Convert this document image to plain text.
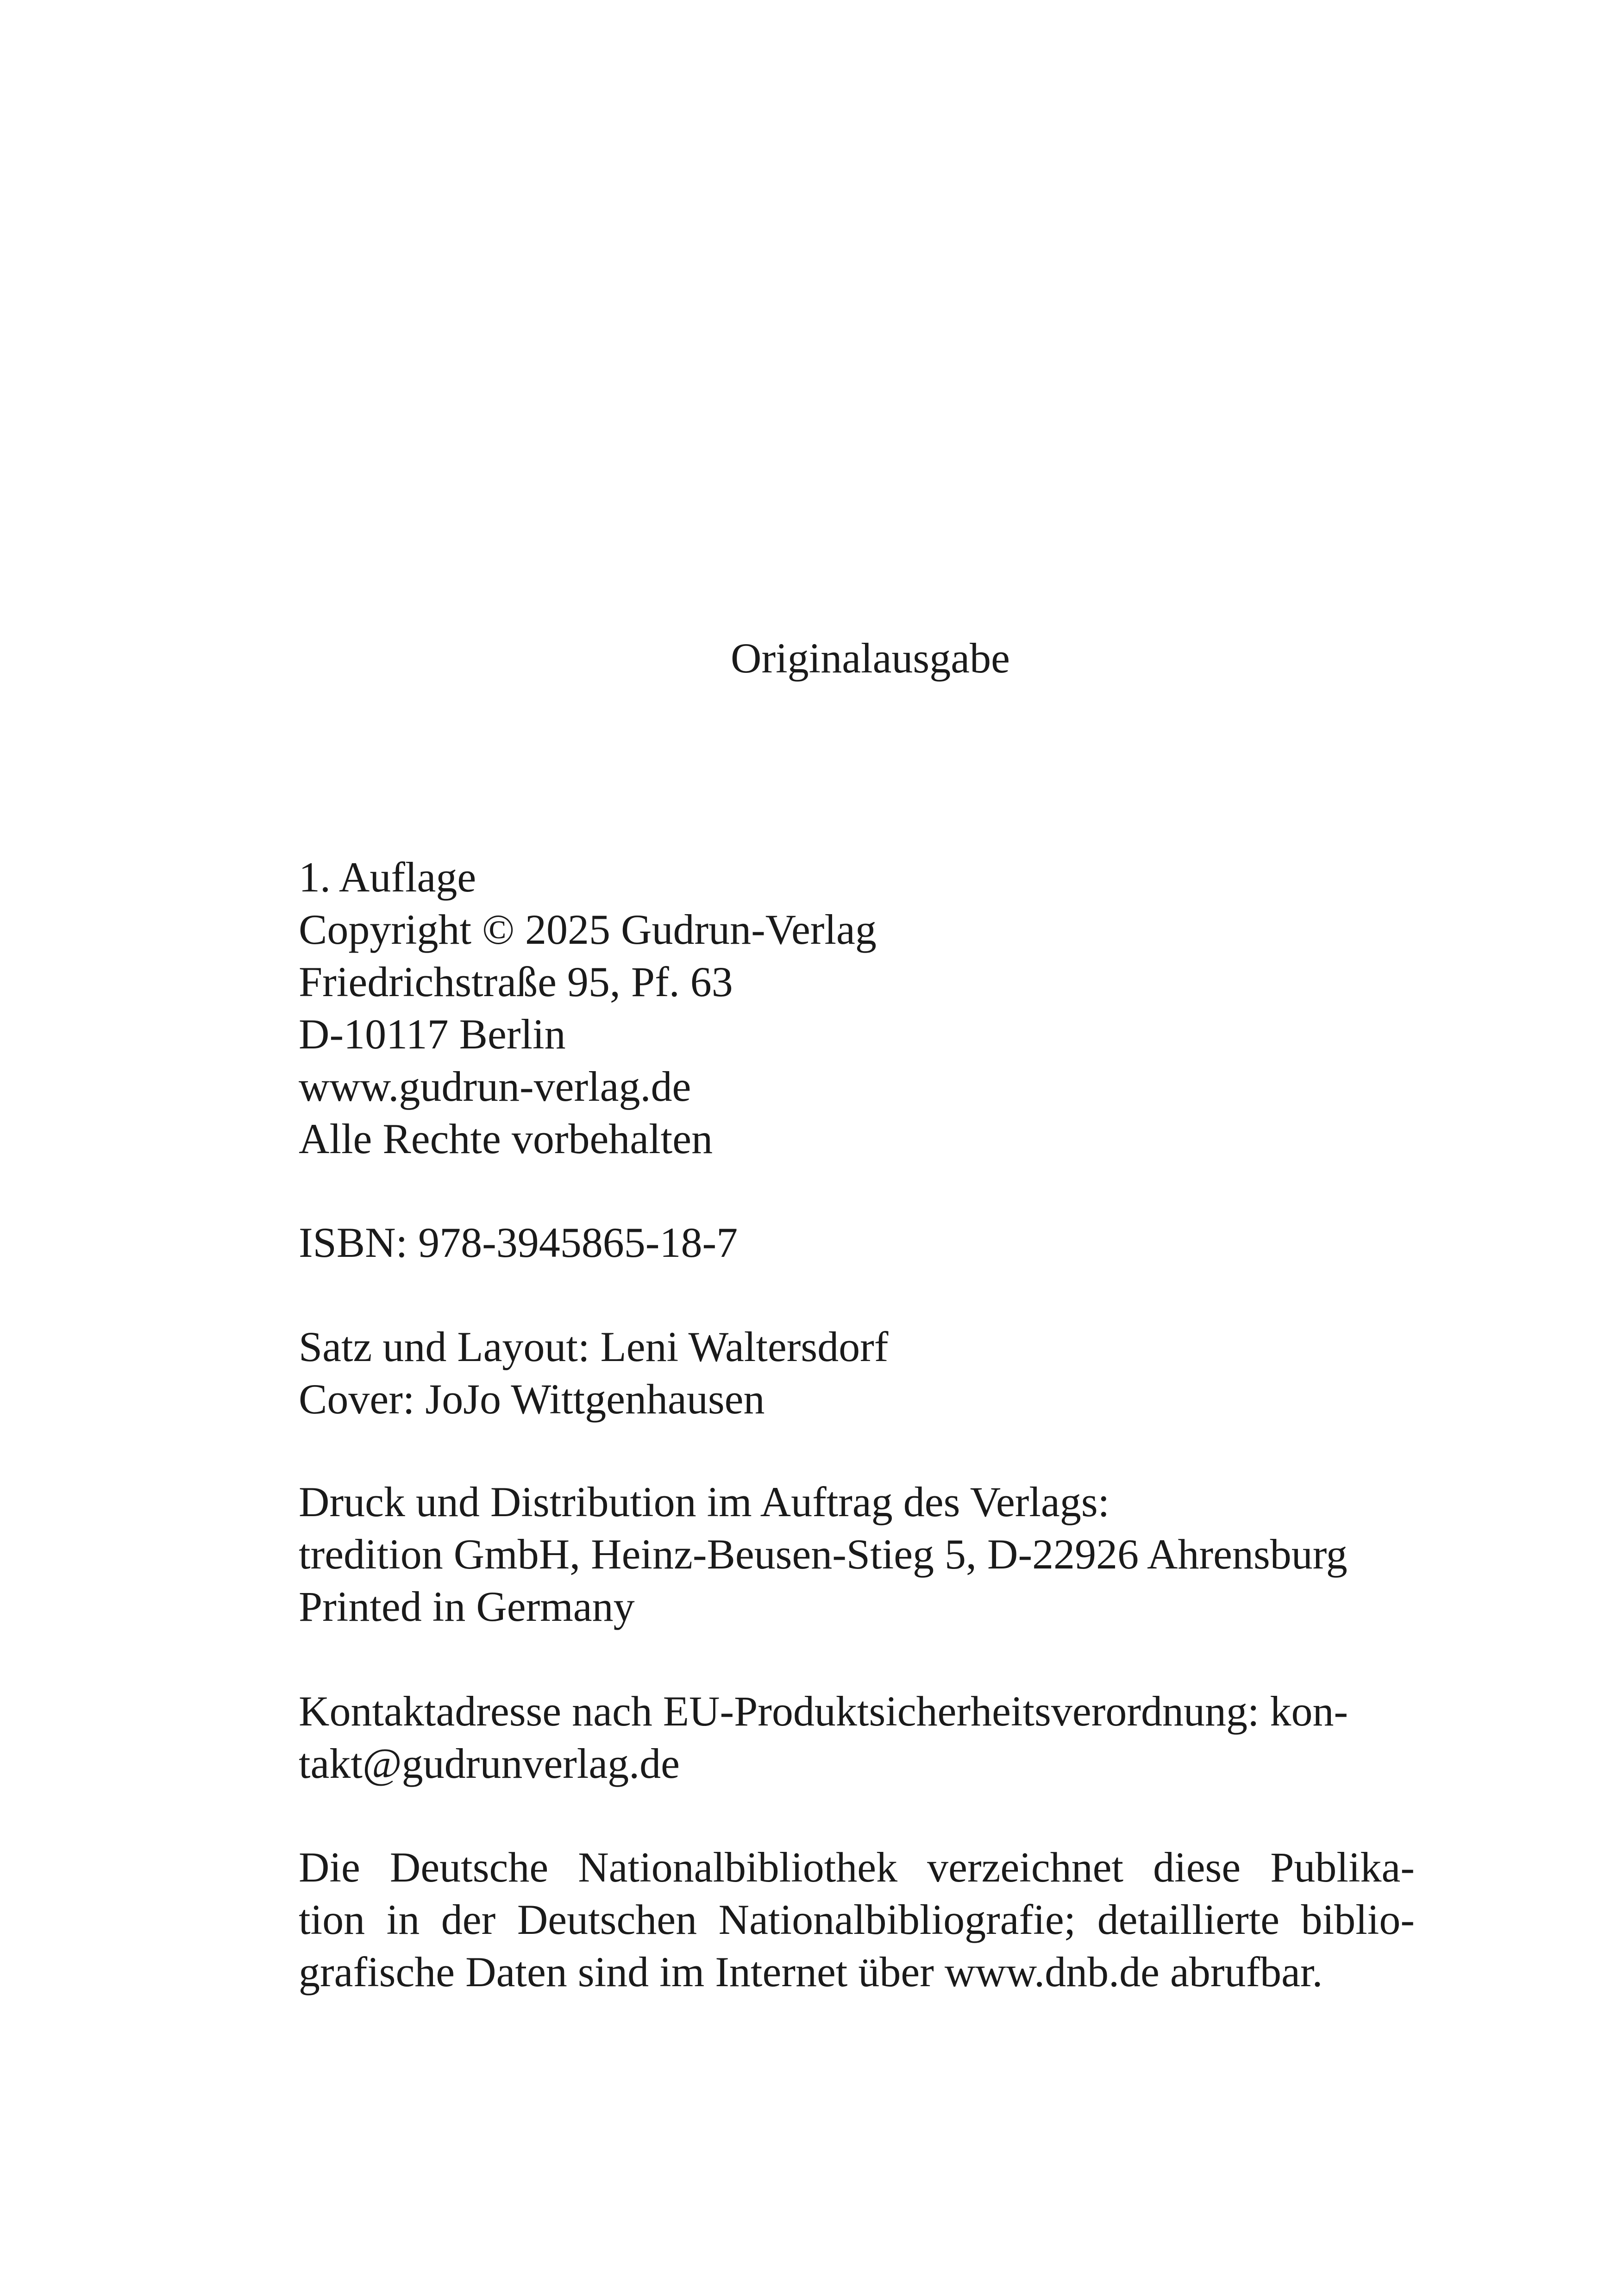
Originalausgabe
1. Auflage
Copyright © 2025 Gudrun-Verlag
Friedrichstraße 95, Pf. 63
D-10117 Berlin
www.gudrun-verlag.de
Alle Rechte vorbehalten
ISBN: 978-3945865-18-7
Satz und Layout: Leni Waltersdorf
Cover: JoJo Wittgenhausen
Druck und Distribution im Auftrag des Verlags:
tredition GmbH, Heinz-Beusen-Stieg 5, D-22926 Ahrensburg
Printed in Germany
Kontaktadresse nach EU-Produktsicherheitsverordnung: kon-
takt@gudrunverlag.de
Die Deutsche Nationalbibliothek verzeichnet diese Publika-
tion in der Deutschen Nationalbibliografie; detaillierte biblio-
grafische Daten sind im Internet über www.dnb.de abrufbar.
